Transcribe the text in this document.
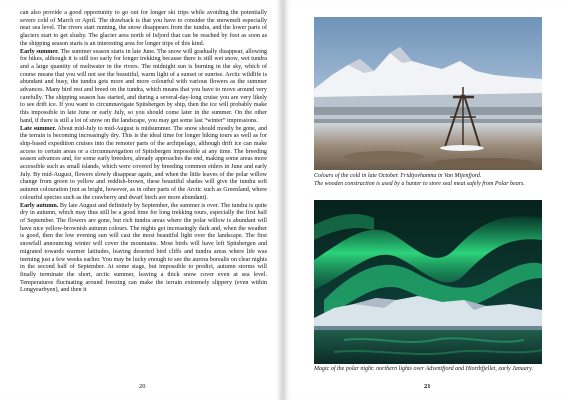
can also provide a good opportunity to go out for longer ski trips while avoiding the potentially severe cold of March or April. The drawback is that you have to consider the snowmelt especially near sea level. The rivers start running, the snow disappears from the tundra, and the lower parts of glaciers start to get slushy. The glacier area north of Isfjord that can be reached by foot as soon as the shipping season starts is an interesting area for longer trips of this kind.

Early summer. The summer season starts in late June. The snow will gradually disappear, allowing for hikes, although it is still too early for longer trekking because there is still wet snow, wet tundra and a large quantity of meltwater in the rivers. The midnight sun is burning in the sky, which of course means that you will not see the beautiful, warm light of a sunset or sunrise. Arctic wildlife is abundant and busy, the tundra gets more and more colourful with various flowers as the summer advances. Many bird rest and breed on the tundra, which means that you have to move around very carefully. The shipping season has started, and during a several-day-long cruise you are very likely to see drift ice. If you want to circumnavigate Spitsbergen by ship, then the ice will probably make this impossible in late June or early July, so you should come later in the summer. On the other hand, if there is still a lot of snow on the landscape, you may get some last “winter” impressions.

Late summer. About mid-July to mid-August is midsummer. The snow should mostly be gone, and the terrain is becoming increasingly dry. This is the ideal time for longer hiking tours as well as for ship-based expedition cruises into the remoter parts of the archipelago, although drift ice can make access to certain areas or a circumnavigation of Spitsbergen impossible at any time. The breeding season advances and, for some early breeders, already approaches the end, making some areas more accessible such as small islands, which were covered by breeding common eiders in June and early July. By mid-August, flowers slowly disappear again, and when the little leaves of the polar willow change from green to yellow and reddish-brown, these beautiful shades will give the tundra soft autumn colouration (not as bright, however, as in other parts of the Arctic such as Greenland, where colourful species such as the crawberry and dwarf birch are more abundant).

Early autumn. By late August and definitely by September, the summer is over. The tundra is quite dry in autumn, which may thus still be a good time for long trekking tours, especially the first half of September. The flowers are gone, but rich tundra areas where the polar willow is abundant will have nice yellow-brownish autumn colours. The nights get increasingly dark and, when the weather is good, then the low evening sun will cast the most beautiful light over the landscape. The first snowfall announcing winter will cover the mountains. Most birds will have left Spitsbergen and migrated towards warmer latitudes, leaving deserted bird cliffs and tundra areas where life was teeming just a few weeks earlier. You may be lucky enough to see the aurora borealis on clear nights in the second half of September. At some stage, but impossible to predict, autumn storms will finally terminate the short, arctic summer, leaving a thick snow cover even at sea level. Temperatures fluctuating around freezing can make the terrain extremely slippery (even within Longyearbyen), and then it

20
Colours of the cold in late October. Fridtjovhamna in Van Mijenfjord.
The wooden construction is used by a hunter to store seal meat safely from Polar bears.
Magic of the polar night: northern lights over Adventfjord and Hiorthfjellet, early January.
21
